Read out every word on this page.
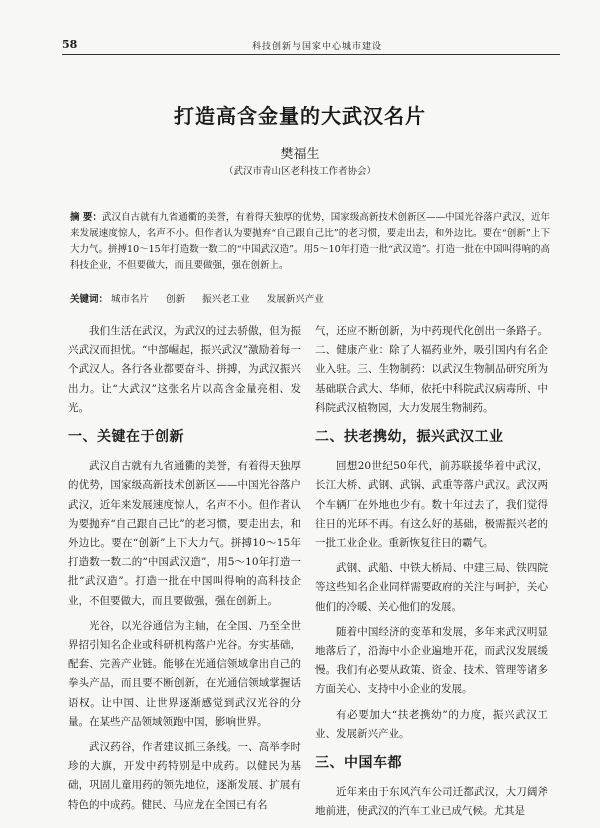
58	科技创新与国家中心城市建设
打造高含金量的大武汉名片
樊福生
（武汉市青山区老科技工作者协会）
摘 要：武汉自古就有九省通衢的美誉，有着得天独厚的优势，国家级高新技术创新区——中国光谷落户武汉，近年来发展速度惊人，名声不小。但作者认为要抛弃“自己跟自己比”的老习惯，要走出去，和外边比。要在“创新”上下大力气。拼搏10～15年打造数一数二的“中国武汉造”。用5～10年打造一批“武汉造”。打造一批在中国叫得响的高科技企业，不但要做大，而且要做强，强在创新上。
关键词： 城市名片 创新 振兴老工业 发展新兴产业

我们生活在武汉，为武汉的过去骄傲，但为振兴武汉而担忧。“中部崛起，振兴武汉”激励着每一个武汉人。各行各业都要奋斗、拼搏，为武汉振兴出力。让“大武汉”这张名片以高含金量亮相、发光。

一、关键在于创新

武汉自古就有九省通衢的美誉，有着得天独厚的优势，国家级高新技术创新区——中国光谷落户武汉，近年来发展速度惊人，名声不小。但作者认为要抛弃“自己跟自己比”的老习惯，要走出去，和外边比。要在“创新”上下大力气。拼搏10～15年打造数一数二的“中国武汉造”，用5～10年打造一批“武汉造”。打造一批在中国叫得响的高科技企业，不但要做大，而且要做强，强在创新上。

光谷，以光谷通信为主轴，在全国、乃至全世界招引知名企业或科研机构落户光谷。夯实基础，配套、完善产业链。能够在光通信领域拿出自己的拳头产品，而且要不断创新，在光通信领域掌握话语权。让中国、让世界逐渐感觉到武汉光谷的分量。在某些产品领域领跑中国，影响世界。

武汉药谷，作者建议抓三条线。一、高举李时珍的大旗，开发中药特别是中成药。以健民为基础，巩固儿童用药的领先地位，逐渐发展、扩展有特色的中成药。健民、马应龙在全国已有名

气，还应不断创新，为中药现代化创出一条路子。二、健康产业：除了人福药业外，吸引国内有名企业入驻。三、生物制药：以武汉生物制品研究所为基础联合武大、华师，依托中科院武汉病毒所、中科院武汉植物园，大力发展生物制药。

二、扶老携幼，振兴武汉工业

回想20世纪50年代，前苏联援华着中武汉，长江大桥、武钢、武锅、武重等落户武汉。武汉两个车辆厂在外地也少有。数十年过去了，我们觉得往日的光环不再。有这么好的基础，极需振兴老的一批工业企业。重新恢复往日的霸气。

武钢、武船、中铁大桥局、中建三局、铁四院等这些知名企业同样需要政府的关注与呵护，关心他们的冷暖、关心他们的发展。

随着中国经济的变革和发展，多年来武汉明显地落后了，沿海中小企业遍地开花，而武汉发展缓慢。我们有必要从政策、资金、技术、管理等诸多方面关心、支持中小企业的发展。

有必要加大“扶老携幼”的力度，振兴武汉工业、发展新兴产业。

三、中国车都

近年来由于东风汽车公司迁都武汉，大刀阔斧地前进，使武汉的汽车工业已成气候。尤其是
